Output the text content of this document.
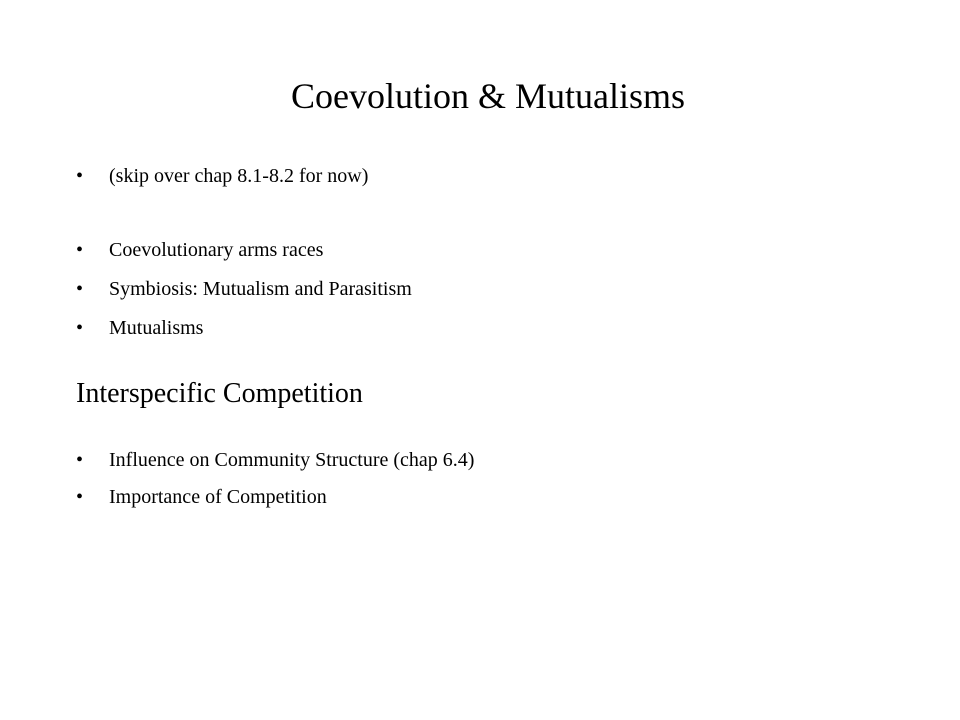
Coevolution & Mutualisms
• (skip over chap 8.1-8.2 for now)
• Coevolutionary arms races
• Symbiosis: Mutualism and Parasitism
• Mutualisms
Interspecific Competition
• Influence on Community Structure (chap 6.4)
• Importance of Competition
